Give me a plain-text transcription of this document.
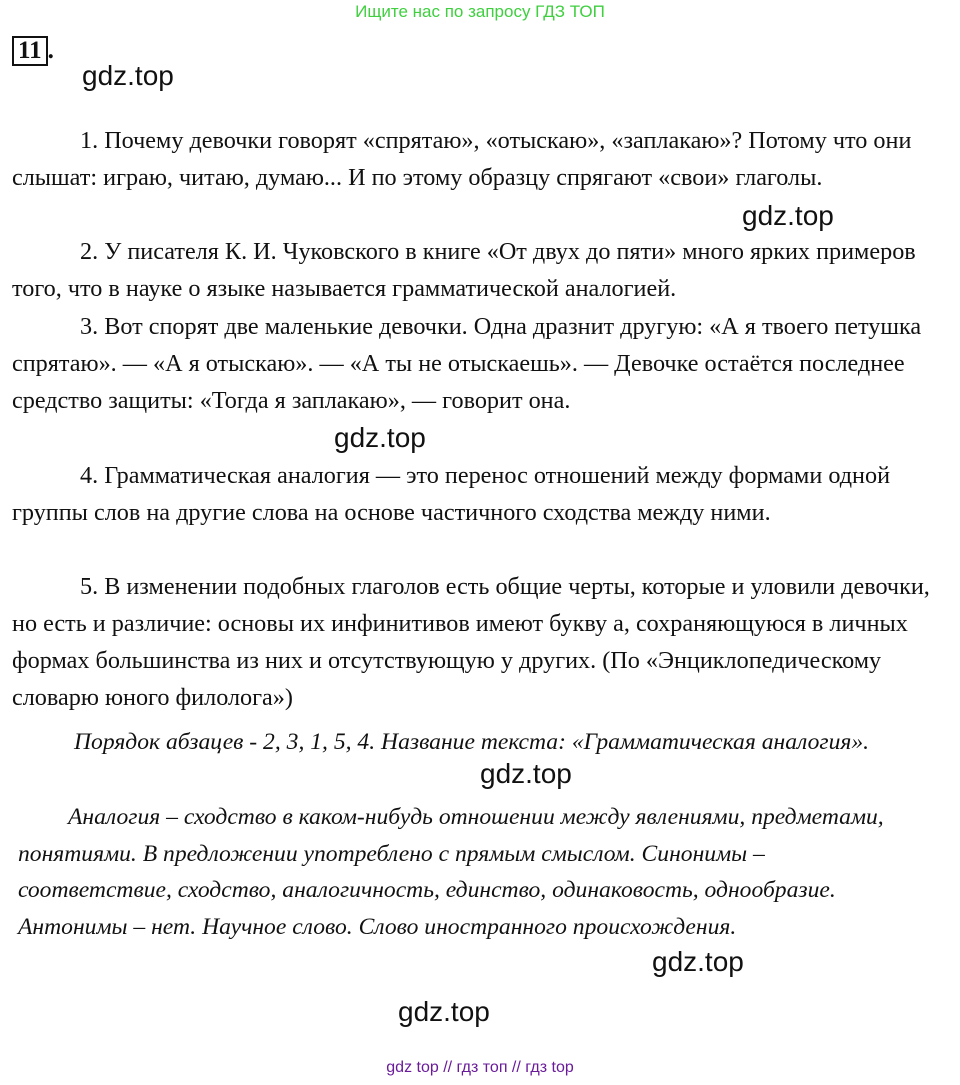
Ищите нас по запросу ГДЗ ТОП
11 .
gdz.top
1. Почему девочки говорят «спрятаю», «отыскаю», «заплакаю»? Потому что они слышат: играю, читаю, думаю... И по этому образцу спрягают «свои» глаголы.
gdz.top
2. У писателя К. И. Чуковского в книге «От двух до пяти» много ярких примеров того, что в науке о языке называется грамматической аналогией.
3. Вот спорят две маленькие девочки. Одна дразнит другую: «А я твоего петушка спрятаю». — «А я отыскаю». — «А ты не отыскаешь». — Девочке остаётся последнее средство защиты: «Тогда я заплакаю», — говорит она.
gdz.top
4. Грамматическая аналогия — это перенос отношений между формами одной группы слов на другие слова на основе частичного сходства между ними.
5. В изменении подобных глаголов есть общие черты, которые и уловили девочки, но есть и различие: основы их инфинитивов имеют букву а, сохраняющуюся в личных формах большинства из них и отсутствующую у других. (По «Энциклопедическому словарю юного филолога»)
Порядок абзацев - 2, 3, 1, 5, 4. Название текста: «Грамматическая аналогия».
gdz.top
Аналогия – сходство в каком-нибудь отношении между явлениями, предметами, понятиями. В предложении употреблено с прямым смыслом. Синонимы – соответствие, сходство, аналогичность, единство, одинаковость, однообразие. Антонимы – нет. Научное слово. Слово иностранного происхождения.
gdz.top
gdz.top
gdz top // гдз топ // гдз top
